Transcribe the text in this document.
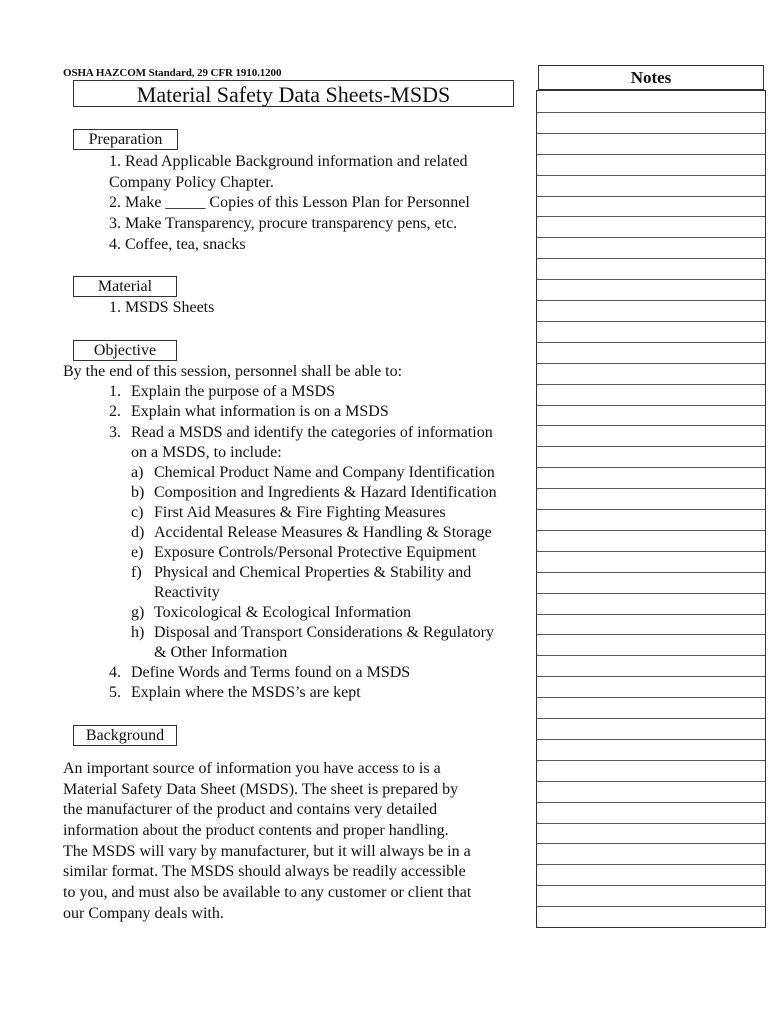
OSHA HAZCOM Standard, 29 CFR 1910.1200
Material Safety Data Sheets-MSDS
Notes
Preparation
1. Read Applicable Background information and related
Company Policy Chapter.
2. Make _____ Copies of this Lesson Plan for Personnel
3. Make Transparency, procure transparency pens, etc.
4. Coffee, tea, snacks
Material
1. MSDS Sheets
Objective
By the end of this session, personnel shall be able to:
1. Explain the purpose of a MSDS
2. Explain what information is on a MSDS
3. Read a MSDS and identify the categories of information
on a MSDS, to include:
a) Chemical Product Name and Company Identification
b) Composition and Ingredients & Hazard Identification
c) First Aid Measures & Fire Fighting Measures
d) Accidental Release Measures & Handling & Storage
e) Exposure Controls/Personal Protective Equipment
f) Physical and Chemical Properties & Stability and
Reactivity
g) Toxicological & Ecological Information
h) Disposal and Transport Considerations & Regulatory
& Other Information
4. Define Words and Terms found on a MSDS
5. Explain where the MSDS’s are kept
Background
An important source of information you have access to is a
Material Safety Data Sheet (MSDS). The sheet is prepared by
the manufacturer of the product and contains very detailed
information about the product contents and proper handling.
The MSDS will vary by manufacturer, but it will always be in a
similar format. The MSDS should always be readily accessible
to you, and must also be available to any customer or client that
our Company deals with.
